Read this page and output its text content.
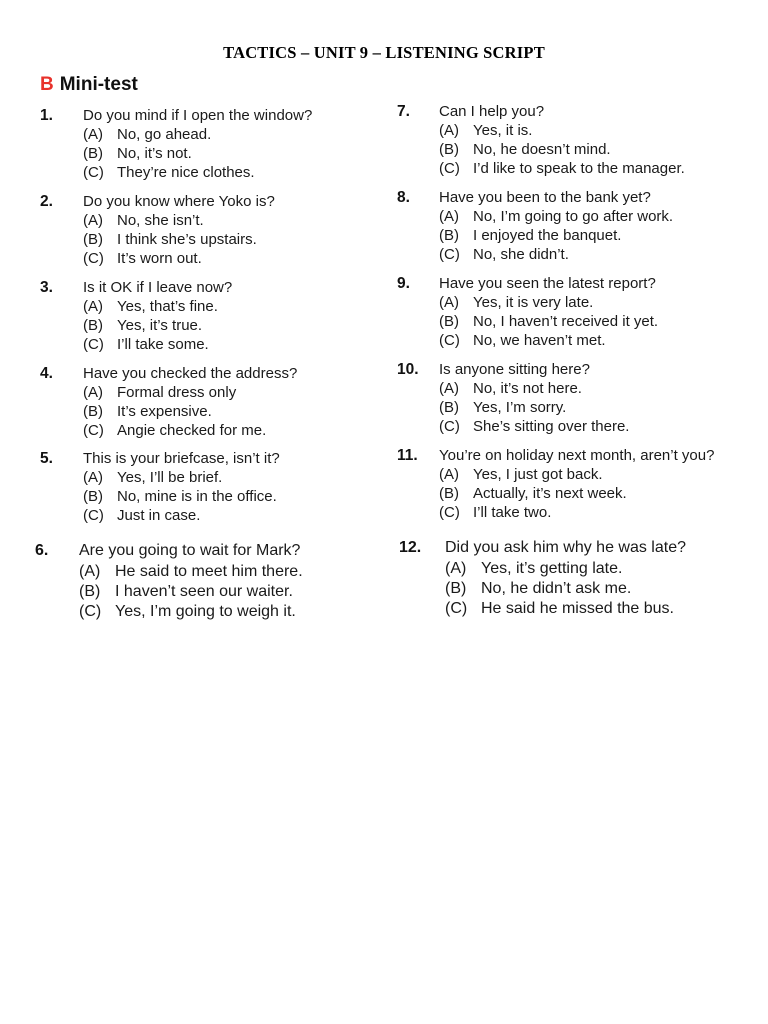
TACTICS – UNIT 9 – LISTENING SCRIPT
B Mini-test
1. Do you mind if I open the window?
(A) No, go ahead.
(B) No, it’s not.
(C) They’re nice clothes.
2. Do you know where Yoko is?
(A) No, she isn’t.
(B) I think she’s upstairs.
(C) It’s worn out.
3. Is it OK if I leave now?
(A) Yes, that’s fine.
(B) Yes, it’s true.
(C) I’ll take some.
4. Have you checked the address?
(A) Formal dress only
(B) It’s expensive.
(C) Angie checked for me.
5. This is your briefcase, isn’t it?
(A) Yes, I’ll be brief.
(B) No, mine is in the office.
(C) Just in case.
6. Are you going to wait for Mark?
(A) He said to meet him there.
(B) I haven’t seen our waiter.
(C) Yes, I’m going to weigh it.
7. Can I help you?
(A) Yes, it is.
(B) No, he doesn’t mind.
(C) I’d like to speak to the manager.
8. Have you been to the bank yet?
(A) No, I’m going to go after work.
(B) I enjoyed the banquet.
(C) No, she didn’t.
9. Have you seen the latest report?
(A) Yes, it is very late.
(B) No, I haven’t received it yet.
(C) No, we haven’t met.
10. Is anyone sitting here?
(A) No, it’s not here.
(B) Yes, I’m sorry.
(C) She’s sitting over there.
11. You’re on holiday next month, aren’t you?
(A) Yes, I just got back.
(B) Actually, it’s next week.
(C) I’ll take two.
12. Did you ask him why he was late?
(A) Yes, it’s getting late.
(B) No, he didn’t ask me.
(C) He said he missed the bus.
